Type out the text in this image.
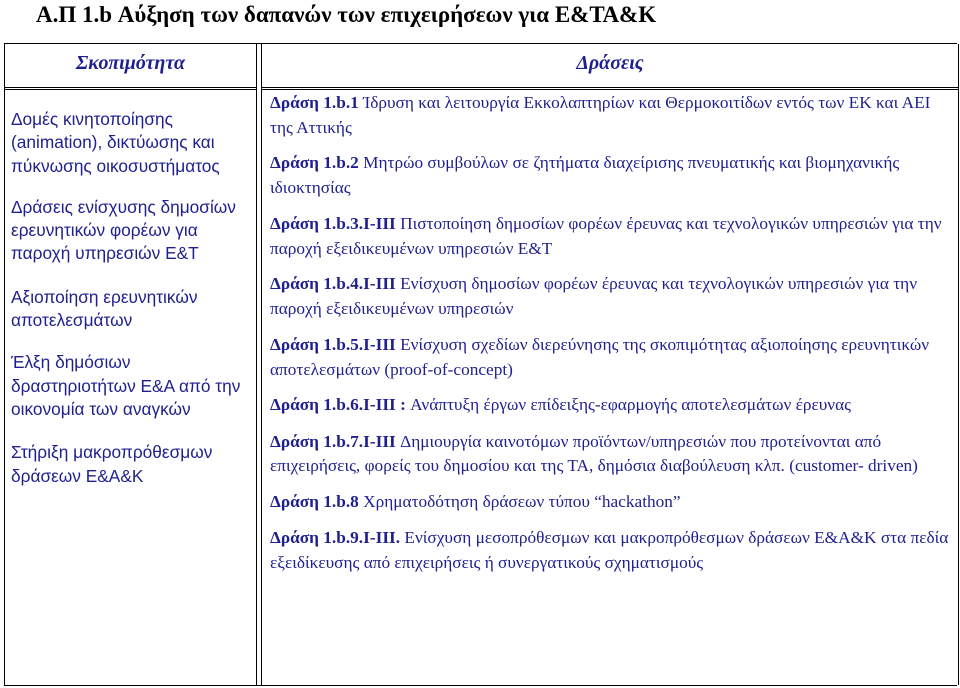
Α.Π 1.b Αύξηση των δαπανών των επιχειρήσεων για Ε&ΤΑ&Κ
Σκοπιμότητα

Δομές κινητοποίησης (animation), δικτύωσης και πύκνωσης οικοσυστήματος

Δράσεις ενίσχυσης δημοσίων ερευνητικών φορέων για παροχή υπηρεσιών Ε&Τ

Αξιοποίηση ερευνητικών αποτελεσμάτων

Έλξη δημόσιων δραστηριοτήτων Ε&Α από την οικονομία των αναγκών

Στήριξη μακροπρόθεσμων δράσεων Ε&Α&Κ

Δράσεις
Δράση 1.b.1 Ίδρυση και λειτουργία Εκκολαπτηρίων και Θερμοκοιτίδων εντός των ΕΚ και ΑΕΙ της Αττικής
Δράση 1.b.2 Μητρώο συμβούλων σε ζητήματα διαχείρισης πνευματικής και βιομηχανικής ιδιοκτησίας
Δράση 1.b.3.I-III Πιστοποίηση δημοσίων φορέων έρευνας και τεχνολογικών υπηρεσιών για την παροχή εξειδικευμένων υπηρεσιών Ε&Τ
Δράση 1.b.4.I-III Ενίσχυση δημοσίων φορέων έρευνας και τεχνολογικών υπηρεσιών για την παροχή εξειδικευμένων υπηρεσιών
Δράση 1.b.5.I-III Ενίσχυση σχεδίων διερεύνησης της σκοπιμότητας αξιοποίησης ερευνητικών αποτελεσμάτων (proof-of-concept)
Δράση 1.b.6.I-III : Ανάπτυξη έργων επίδειξης-εφαρμογής αποτελεσμάτων έρευνας
Δράση 1.b.7.I-III Δημιουργία καινοτόμων προϊόντων/υπηρεσιών που προτείνονται από επιχειρήσεις, φορείς του δημοσίου και της ΤΑ, δημόσια διαβούλευση κλπ. (customer- driven)
Δράση 1.b.8 Χρηματοδότηση δράσεων τύπου “hackathon”
Δράση 1.b.9.I-III. Ενίσχυση μεσοπρόθεσμων και μακροπρόθεσμων δράσεων Ε&Α&Κ στα πεδία εξειδίκευσης από επιχειρήσεις ή συνεργατικούς σχηματισμούς
